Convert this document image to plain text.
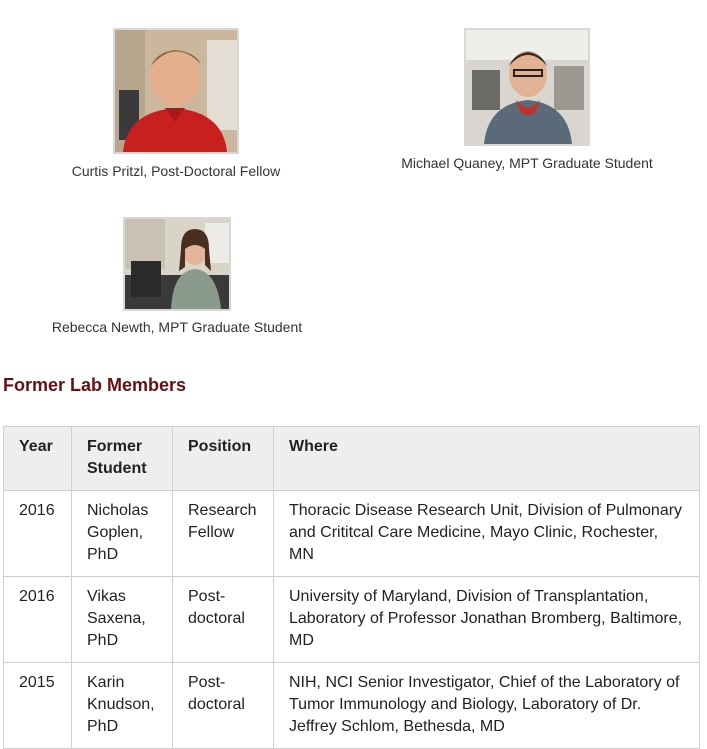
Curtis Pritzl, Post-Doctoral Fellow	Michael Quaney, MPT Graduate Student
Rebecca Newth, MPT Graduate Student
Former Lab Members
Year	Former Student	Position	Where
2016	Nicholas Goplen, PhD	Research Fellow	Thoracic Disease Research Unit, Division of Pulmonary and Crititcal Care Medicine, Mayo Clinic, Rochester, MN
2016	Vikas Saxena, PhD	Post-doctoral	University of Maryland, Division of Transplantation, Laboratory of Professor Jonathan Bromberg, Baltimore, MD
2015	Karin Knudson, PhD	Post-doctoral	NIH, NCI Senior Investigator, Chief of the Laboratory of Tumor Immunology and Biology, Laboratory of Dr. Jeffrey Schlom, Bethesda, MD
